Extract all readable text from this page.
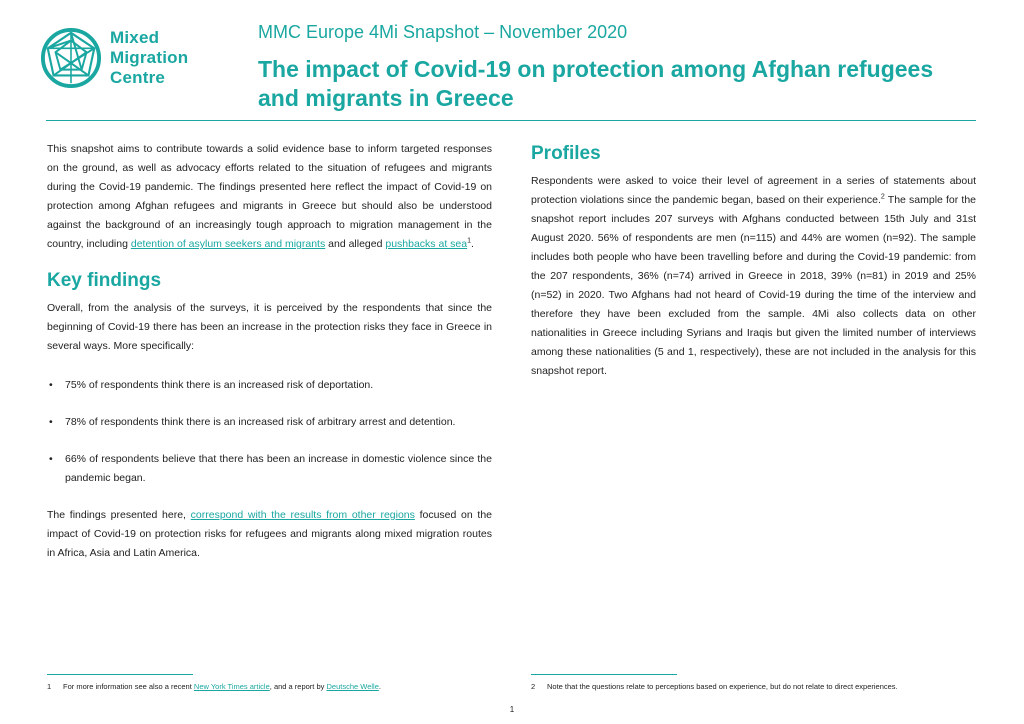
Mixed
Migration
Centre
MMC Europe 4Mi Snapshot – November 2020
The impact of Covid-19 on protection among Afghan refugees and migrants in Greece

This snapshot aims to contribute towards a solid evidence base to inform targeted responses on the ground, as well as advocacy efforts related to the situation of refugees and migrants during the Covid-19 pandemic. The findings presented here reflect the impact of Covid-19 on protection among Afghan refugees and migrants in Greece but should also be understood against the background of an increasingly tough approach to migration management in the country, including detention of asylum seekers and migrants and alleged pushbacks at sea$^1$.

Key findings

Overall, from the analysis of the surveys, it is perceived by the respondents that since the beginning of Covid-19 there has been an increase in the protection risks they face in Greece in several ways. More specifically:

• 75% of respondents think there is an increased risk of deportation.
• 78% of respondents think there is an increased risk of arbitrary arrest and detention.
• 66% of respondents believe that there has been an increase in domestic violence since the pandemic began.

The findings presented here, correspond with the results from other regions focused on the impact of Covid-19 on protection risks for refugees and migrants along mixed migration routes in Africa, Asia and Latin America.

Profiles

Respondents were asked to voice their level of agreement in a series of statements about protection violations since the pandemic began, based on their experience.$^2$ The sample for the snapshot report includes 207 surveys with Afghans conducted between 15th July and 31st August 2020. 56% of respondents are men (n=115) and 44% are women (n=92). The sample includes both people who have been travelling before and during the Covid-19 pandemic: from the 207 respondents, 36% (n=74) arrived in Greece in 2018, 39% (n=81) in 2019 and 25% (n=52) in 2020. Two Afghans had not heard of Covid-19 during the time of the interview and therefore they have been excluded from the sample. 4Mi also collects data on other nationalities in Greece including Syrians and Iraqis but given the limited number of interviews among these nationalities (5 and 1, respectively), these are not included in the analysis for this snapshot report.

1 For more information see also a recent New York Times article, and a report by Deutsche Welle.	2 Note that the questions relate to perceptions based on experience, but do not relate to direct experiences.
1
